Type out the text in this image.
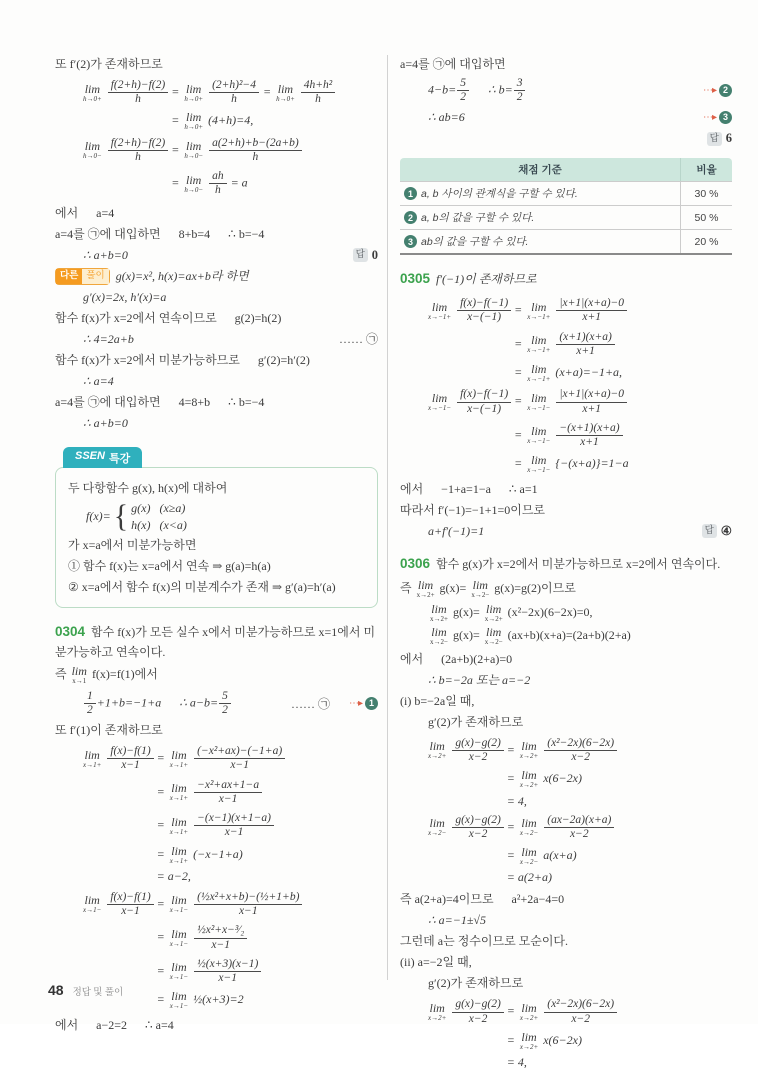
또 f′(2)가 존재하므로
lim
h→0+
$\frac{f(2+h)-f(2)}{h} = \lim$
h→0+
$\frac{\text{(2+h)²−4}}{h} = \lim$
h→0+
$\frac{\text{4h+h²}}{h}$
= lim
h→0+
(4+h)=4,
lim
h→0−
$\frac{f(2+h)-f(2)}{h} = \lim$
h→0−
$\frac{a(2+h)+b-(2a+b)}{h}$
= lim
h→0−
$\frac{ah}{h} = a$
에서      a=4
a=4를 ㉠에 대입하면      8+b=4      ∴ b=−4
∴ a+b=0	답 0
다른 풀이 g(x)=x², h(x)=ax+b라 하면
g′(x)=2x, h′(x)=a
함수 f(x)가 x=2에서 연속이므로      g(2)=h(2)
∴ 4=2a+b	…… ㉠
함수 f(x)가 x=2에서 미분가능하므로      g′(2)=h′(2)
∴ a=4
a=4를 ㉠에 대입하면      4=8+b      ∴ b=−4
∴ a+b=0
SSEN 특강
두 다항함수 g(x), h(x)에 대하여
f(x)= { g(x)   (x≥a)
h(x)   (x<a)
가 x=a에서 미분가능하면
① 함수 f(x)는 x=a에서 연속 ⇒ g(a)=h(a)
② x=a에서 함수 f(x)의 미분계수가 존재 ⇒ g′(a)=h′(a)

0304 함수 f(x)가 모든 실수 x에서 미분가능하므로 x=1에서 미분가능하고 연속이다.

즉 lim
x→1
f(x)=f(1)에서
$\frac{1}{2} +1+b=-1+a$      ∴ $a-b= \frac{5}{2}$	…… ㉠ ⋯▸ 1
또 f′(1)이 존재하므로
lim
x→1+
$\frac{f(x)-f(1)}{x-1} = \lim$
x→1+
$\frac{\text{(−x²+ax)−(−1+a)}}{x-1}$
= lim
x→1+
$\frac{\text{−x²+ax+1−a}}{x-1}$
= lim
x→1+
$\frac{-(x-1)(x+1-a)}{x-1}$
= lim
x→1+
(−x−1+a)
= a−2,
lim
x→1−
$\frac{f(x)-f(1)}{x-1} = \lim$
x→1−
$\frac{\text{(½x²+x+b)−(½+1+b)}}{x-1}$
= lim
x→1−
$\frac{\text{½x²+x−³⁄₂}}{x-1}$
= lim
x→1−
$\frac{\text{½(x+3)(x−1)}}{x-1}$
= lim
x→1−
½(x+3)=2
에서      a−2=2      ∴ a=4
a=4를 ㉠에 대입하면
$4-b= \frac{5}{2}$ ∴ $b= \frac{3}{2}$	⋯▸ 2
∴ ab=6	⋯▸ 3
답 6
채점 기준	비율
1 a, b 사이의 관계식을 구할 수 있다.	30 %
2 a, b의 값을 구할 수 있다.	50 %
3 ab의 값을 구할 수 있다.	20 %

0305 f′(−1)이 존재하므로

lim
x→−1+
$\frac{f(x)-f(-1)}{x-(-1)} = \lim$
x→−1+
$\frac{|x+1|(x+a)-0}{x+1}$
= lim
x→−1+
$\frac{(x+1)(x+a)}{x+1}$
= lim
x→−1+
(x+a)=−1+a,
lim
x→−1−
$\frac{f(x)-f(-1)}{x-(-1)} = \lim$
x→−1−
$\frac{|x+1|(x+a)-0}{x+1}$
= lim
x→−1−
$\frac{-(x+1)(x+a)}{x+1}$
= lim
x→−1−
{−(x+a)}=1−a
에서      −1+a=1−a      ∴ a=1
따라서 f′(−1)=−1+1=0이므로
a+f′(−1)=1	답 ④

0306 함수 g(x)가 x=2에서 미분가능하므로 x=2에서 연속이다.

즉 lim
x→2+
g(x)= lim
x→2−
g(x)=g(2)이므로
lim
x→2+
g(x)= lim
x→2+
(x²−2x)(6−2x)=0,
lim
x→2−
g(x)= lim
x→2−
(ax+b)(x+a)=(2a+b)(2+a)
에서      (2a+b)(2+a)=0
∴ b=−2a 또는 a=−2
(i) b=−2a일 때,
g′(2)가 존재하므로
lim
x→2+
$\frac{g(x)-g(2)}{x-2} = \lim$
x→2+
$\frac{\text{(x²−2x)(6−2x)}}{x-2}$
= lim
x→2+
x(6−2x)
= 4,
lim
x→2−
$\frac{g(x)-g(2)}{x-2} = \lim$
x→2−
$\frac{(ax-2a)(x+a)}{x-2}$
= lim
x→2−
a(x+a)
= a(2+a)
즉 a(2+a)=4이므로      a²+2a−4=0
∴ a=−1±√5
그런데 a는 정수이므로 모순이다.
(ii) a=−2일 때,
g′(2)가 존재하므로
lim
x→2+
$\frac{g(x)-g(2)}{x-2} = \lim$
x→2+
$\frac{\text{(x²−2x)(6−2x)}}{x-2}$
= lim
x→2+
x(6−2x)
= 4,
48 정답 및 풀이
